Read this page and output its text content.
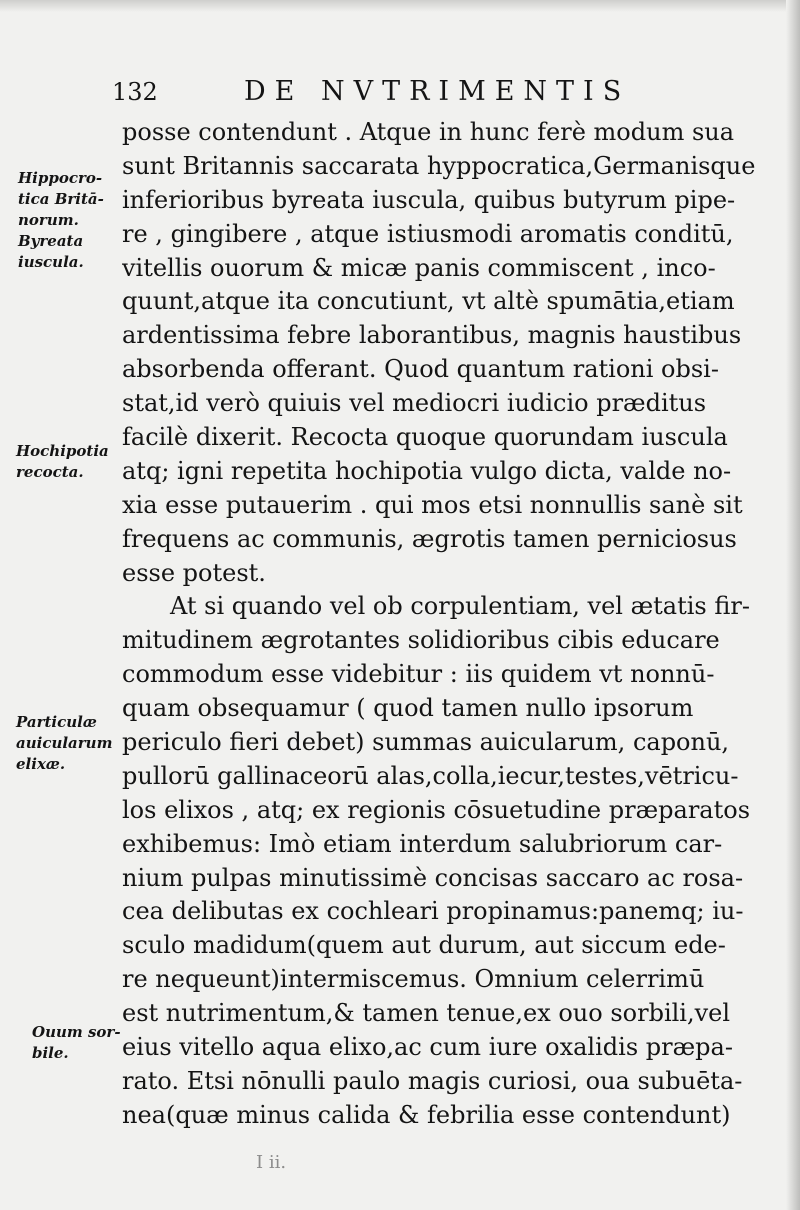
132	DE NVTRIMENTIS
Hippocro-
tica Britā-
norum.
Byreata
iuscula.
Hochipotia
recocta.
Particulæ
auicularum
elixæ.
Ouum sor-
bile.
posse contendunt . Atque in hunc ferè modum sua
sunt Britannis saccarata hyppocratica,Germanisque
inferioribus byreata iuscula, quibus butyrum pipe-
re , gingibere , atque istiusmodi aromatis conditū,
vitellis ouorum & micæ panis commiscent , inco-
quunt,atque ita concutiunt, vt altè spumātia,etiam
ardentissima febre laborantibus, magnis haustibus
absorbenda offerant. Quod quantum rationi obsi-
stat,id verò quiuis vel mediocri iudicio præditus
facilè dixerit. Recocta quoque quorundam iuscula
atq; igni repetita hochipotia vulgo dicta, valde no-
xia esse putauerim . qui mos etsi nonnullis sanè sit
frequens ac communis, ægrotis tamen perniciosus
esse potest.
At si quando vel ob corpulentiam, vel ætatis fir-
mitudinem ægrotantes solidioribus cibis educare
commodum esse videbitur : iis quidem vt nonnū-
quam obsequamur ( quod tamen nullo ipsorum
periculo fieri debet) summas auicularum, caponū,
pullorū gallinaceorū alas,colla,iecur,testes,vētricu-
los elixos , atq; ex regionis cōsuetudine præparatos
exhibemus: Imò etiam interdum salubriorum car-
nium pulpas minutissimè concisas saccaro ac rosa-
cea delibutas ex cochleari propinamus:panemq; iu-
sculo madidum(quem aut durum, aut siccum ede-
re nequeunt)intermiscemus. Omnium celerrimū
est nutrimentum,& tamen tenue,ex ouo sorbili,vel
eius vitello aqua elixo,ac cum iure oxalidis præpa-
rato. Etsi nōnulli paulo magis curiosi, oua subuēta-
nea(quæ minus calida & febrilia esse contendunt)
I ii.
